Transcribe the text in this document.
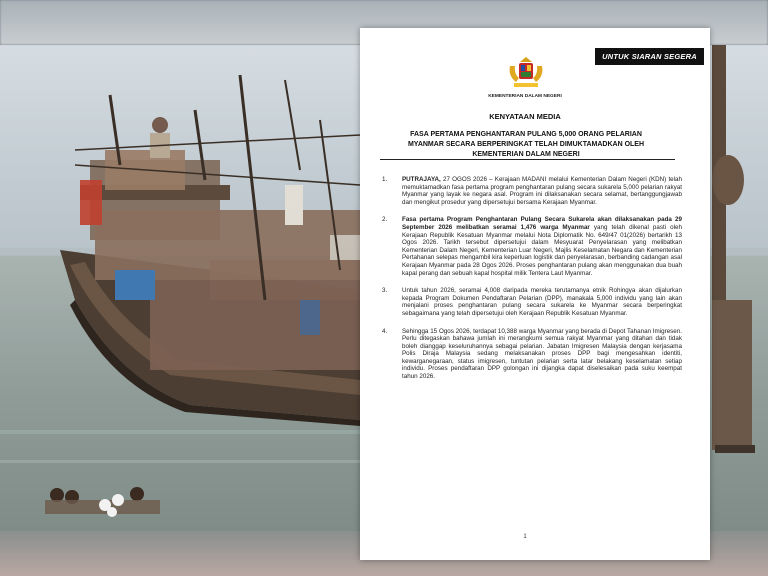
UNTUK SIARAN SEGERA
KEMENTERIAN DALAM NEGERI
KENYATAAN MEDIA
FASA PERTAMA PENGHANTARAN PULANG 5,000 ORANG PELARIAN
MYANMAR SECARA BERPERINGKAT TELAH DIMUKTAMADKAN OLEH
KEMENTERIAN DALAM NEGERI
1. PUTRAJAYA, 27 OGOS 2026 – Kerajaan MADANI melalui Kementerian Dalam Negeri (KDN) telah memuktamadkan fasa pertama program penghantaran pulang secara sukarela 5,000 pelarian rakyat Myanmar yang layak ke negara asal. Program ini dilaksanakan secara selamat, bertanggungjawab dan mengikut prosedur yang dipersetujui bersama Kerajaan Myanmar.
2. Fasa pertama Program Penghantaran Pulang Secara Sukarela akan dilaksanakan pada 29 September 2026 melibatkan seramai 1,476 warga Myanmar yang telah dikenal pasti oleh Kerajaan Republik Kesatuan Myanmar melalui Nota Diplomatik No. 649/47 01(2026) bertarikh 13 Ogos 2026. Tarikh tersebut dipersetujui dalam Mesyuarat Penyelarasan yang melibatkan Kementerian Dalam Negeri, Kementerian Luar Negeri, Majlis Keselamatan Negara dan Kementerian Pertahanan selepas mengambil kira keperluan logistik dan penyelarasan, berbanding cadangan asal Kerajaan Myanmar pada 28 Ogos 2026. Proses penghantaran pulang akan menggunakan dua buah kapal perang dan sebuah kapal hospital milik Tentera Laut Myanmar.
3. Untuk tahun 2026, seramai 4,008 daripada mereka terutamanya etnik Rohingya akan dijalurkan kepada Program Dokumen Pendaftaran Pelarian (DPP), manakala 5,000 individu yang lain akan menjalani proses penghantaran pulang secara sukarela ke Myanmar secara berperingkat sebagaimana yang telah dipersetujui oleh Kerajaan Republik Kesatuan Myanmar.
4. Sehingga 15 Ogos 2026, terdapat 10,388 warga Myanmar yang berada di Depot Tahanan Imigresen. Perlu ditegaskan bahawa jumlah ini merangkumi semua rakyat Myanmar yang ditahan dan tidak boleh dianggap keseluruhannya sebagai pelarian. Jabatan Imigresen Malaysia dengan kerjasama Polis Diraja Malaysia sedang melaksanakan proses DPP bagi mengesahkan identiti, kewarganegaraan, status imigresen, tuntutan pelarian serta latar belakang keselamatan setiap individu. Proses pendaftaran DPP golongan ini dijangka dapat diselesaikan pada suku keempat tahun 2026.
1
